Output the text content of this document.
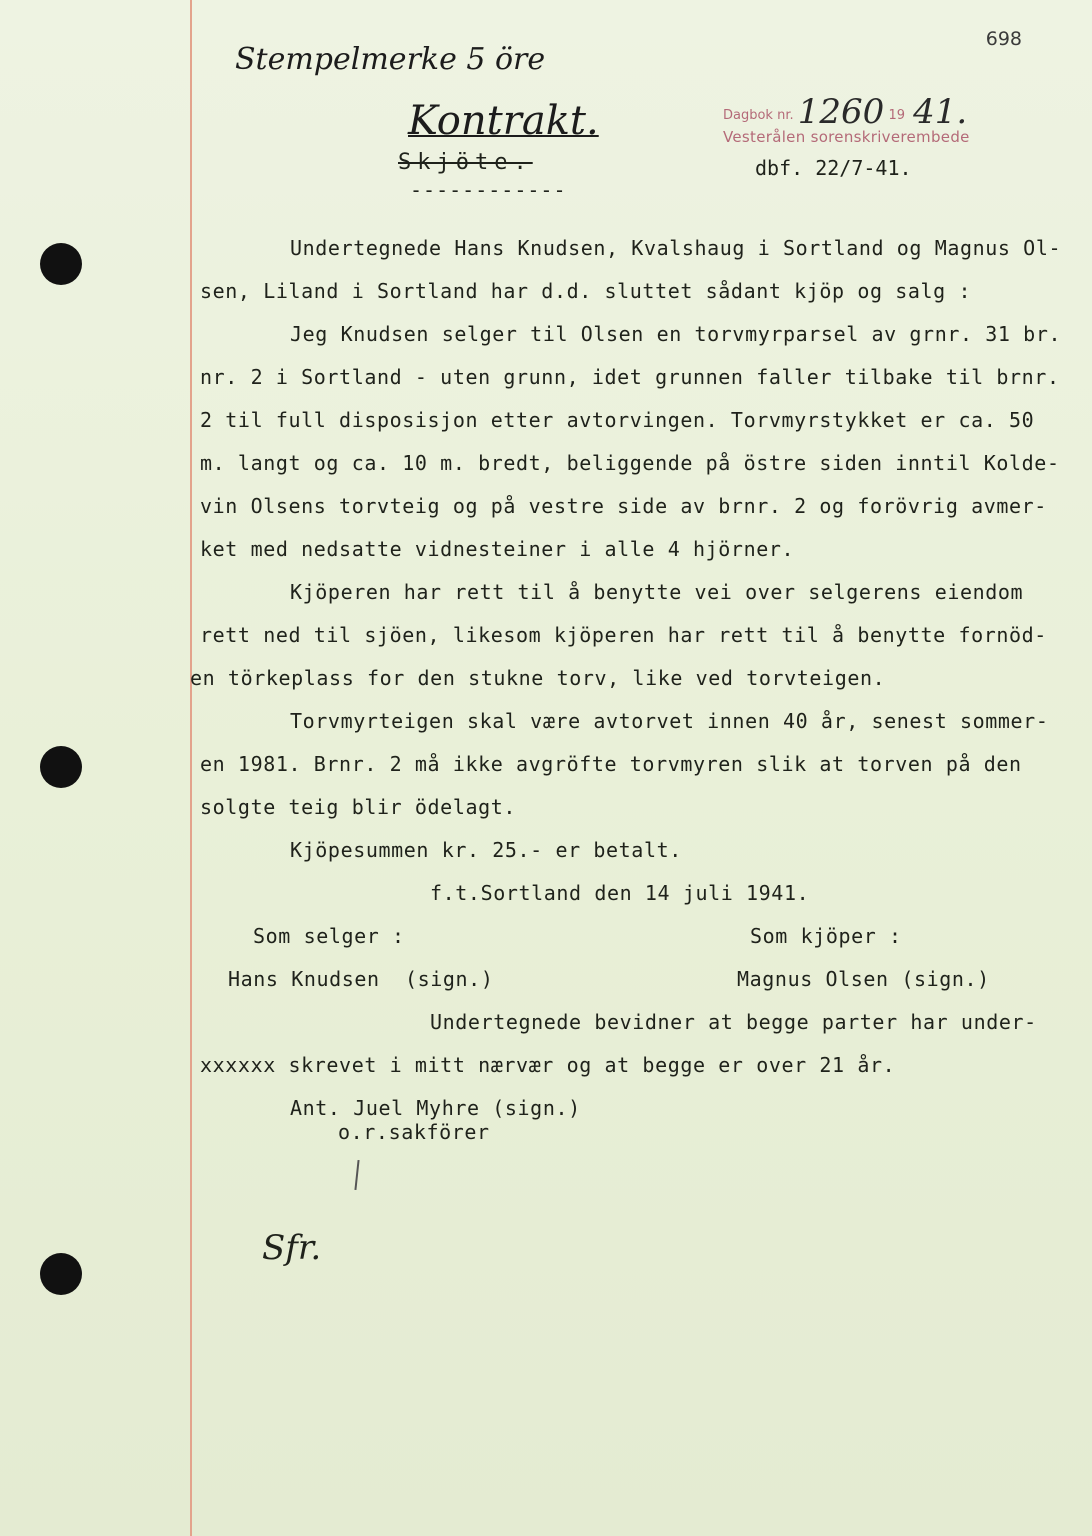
698
Stempelmerke 5 öre
Kontrakt.
Skjöte.
------------
Dagbok nr. 1260 19 41.
Vesterålen sorenskriverembede
dbf. 22/7-41.
Undertegnede Hans Knudsen, Kvalshaug i Sortland og Magnus Ol-
sen, Liland i Sortland har d.d. sluttet sådant kjöp og salg :
Jeg Knudsen selger til Olsen en torvmyrparsel av grnr. 31 br.
nr. 2 i Sortland - uten grunn, idet grunnen faller tilbake til brnr.
2 til full disposisjon etter avtorvingen. Torvmyrstykket er ca. 50
m. langt og ca. 10 m. bredt, beliggende på östre siden inntil Kolde-
vin Olsens torvteig og på vestre side av brnr. 2 og forövrig avmer-
ket med nedsatte vidnesteiner i alle 4 hjörner.
Kjöperen har rett til å benytte vei over selgerens eiendom
rett ned til sjöen, likesom kjöperen har rett til å benytte fornöd-
en törkeplass for den stukne torv, like ved torvteigen.
Torvmyrteigen skal være avtorvet innen 40 år, senest sommer-
en 1981. Brnr. 2 må ikke avgröfte torvmyren slik at torven på den
solgte teig blir ödelagt.
Kjöpesummen kr. 25.- er betalt.
f.t.Sortland den 14 juli 1941.
Som selger :	Som kjöper :
Hans Knudsen  (sign.)	Magnus Olsen (sign.)
Undertegnede bevidner at begge parter har under-
xxxxxx skrevet i mitt nærvær og at begge er over 21 år.
Ant. Juel Myhre (sign.)
o.r.sakförer
Sfr.
